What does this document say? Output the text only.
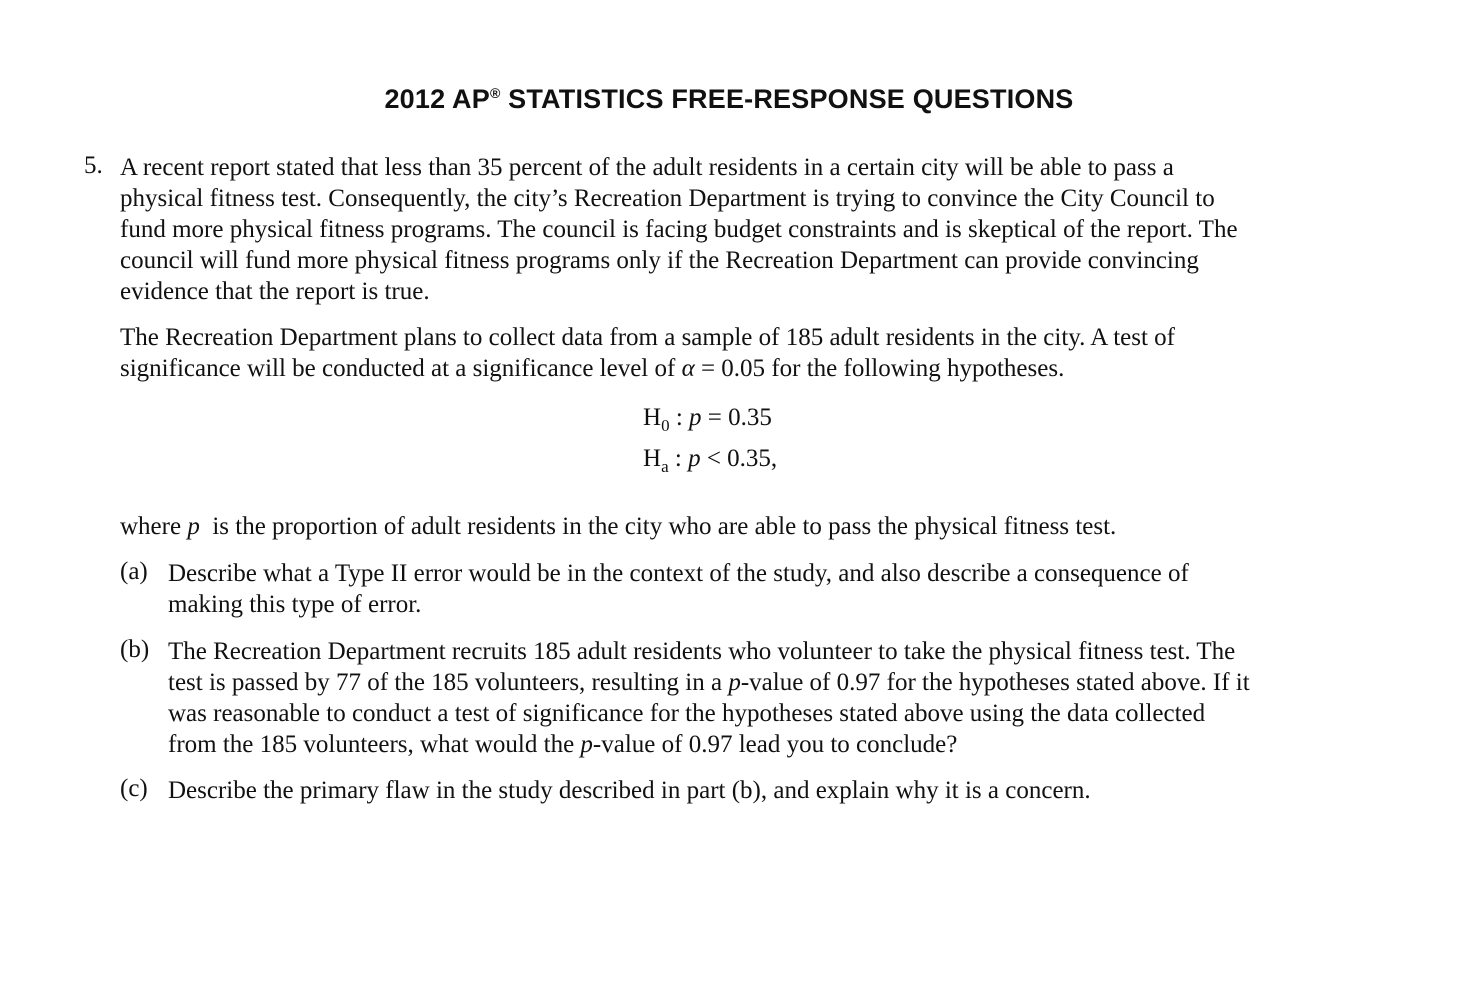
2012 AP® STATISTICS FREE-RESPONSE QUESTIONS
5. A recent report stated that less than 35 percent of the adult residents in a certain city will be able to pass a
physical fitness test. Consequently, the city’s Recreation Department is trying to convince the City Council to
fund more physical fitness programs. The council is facing budget constraints and is skeptical of the report. The
council will fund more physical fitness programs only if the Recreation Department can provide convincing
evidence that the report is true.

The Recreation Department plans to collect data from a sample of 185 adult residents in the city. A test of
significance will be conducted at a significance level of α = 0.05 for the following hypotheses.

$H_0$ : p = 0.35
$H_a$ : p < 0.35,

where p  is the proportion of adult residents in the city who are able to pass the physical fitness test.

(a) Describe what a Type II error would be in the context of the study, and also describe a consequence of
making this type of error.

(b) The Recreation Department recruits 185 adult residents who volunteer to take the physical fitness test. The
test is passed by 77 of the 185 volunteers, resulting in a p-value of 0.97 for the hypotheses stated above. If it
was reasonable to conduct a test of significance for the hypotheses stated above using the data collected
from the 185 volunteers, what would the p-value of 0.97 lead you to conclude?

(c) Describe the primary flaw in the study described in part (b), and explain why it is a concern.
